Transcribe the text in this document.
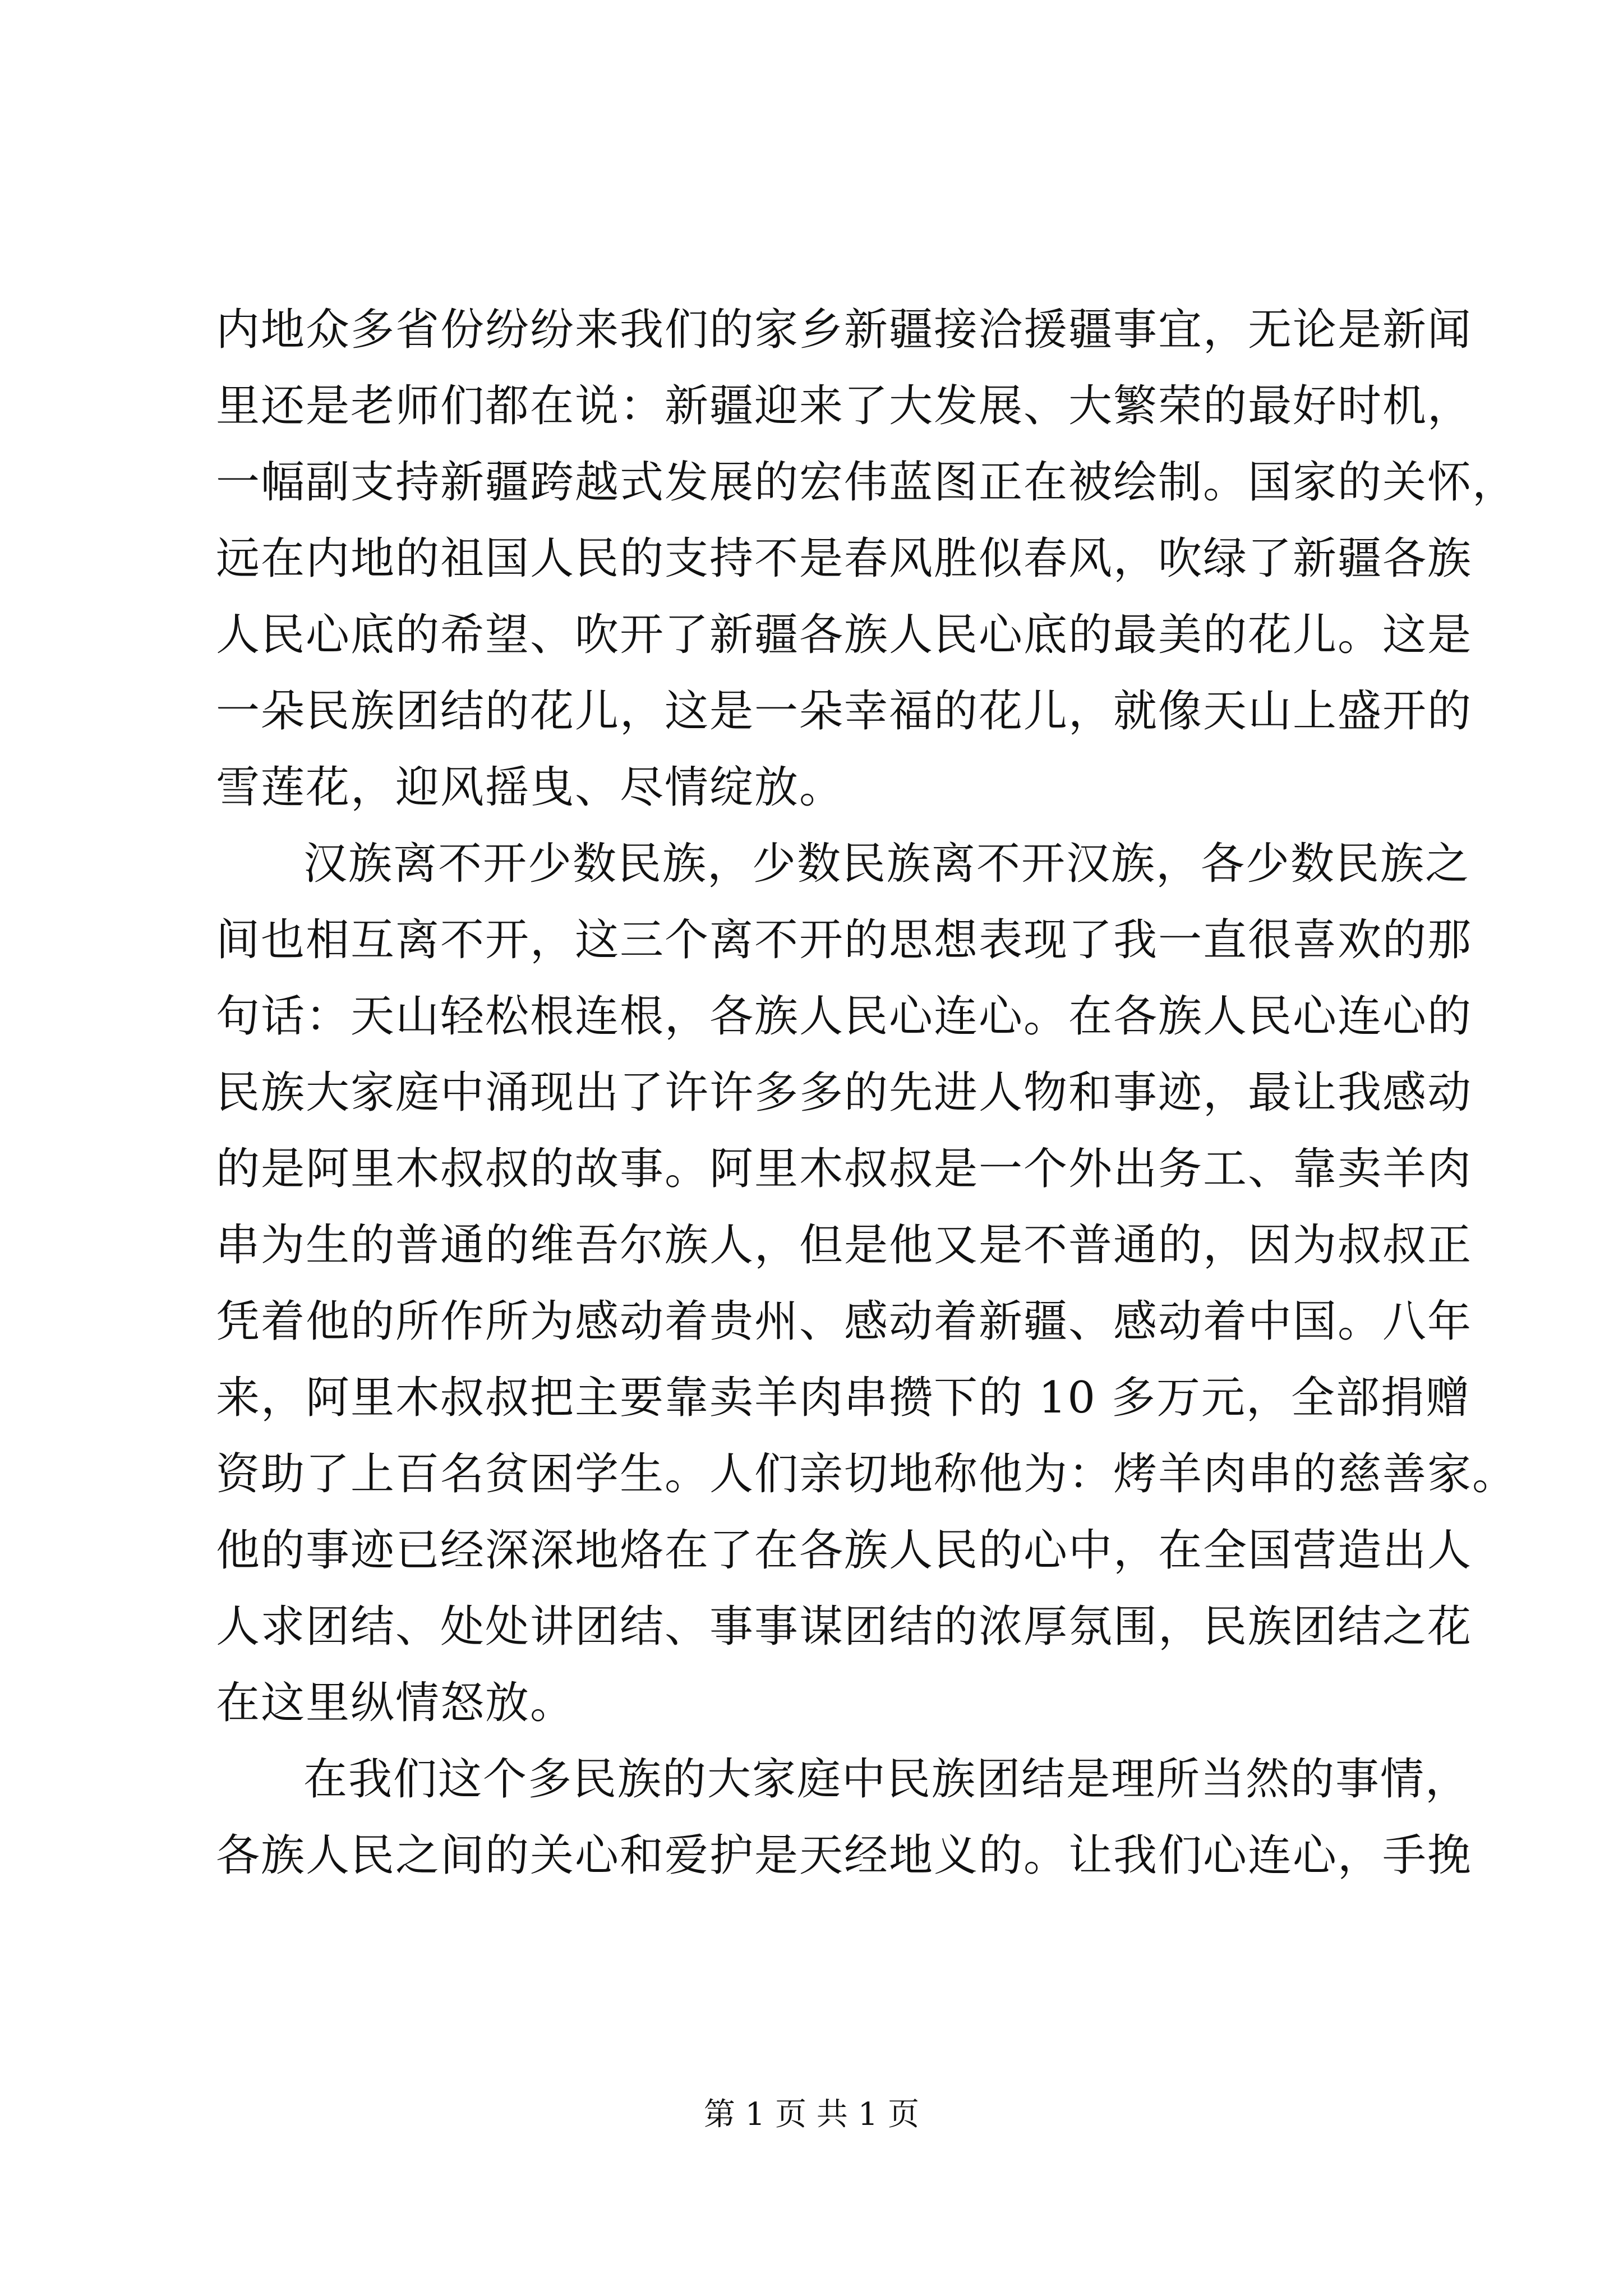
内地众多省份纷纷来我们的家乡新疆接洽援疆事宜，无论是新闻
里还是老师们都在说：新疆迎来了大发展、大繁荣的最好时机，
一幅副支持新疆跨越式发展的宏伟蓝图正在被绘制。国家的关怀，
远在内地的祖国人民的支持不是春风胜似春风，吹绿了新疆各族
人民心底的希望、吹开了新疆各族人民心底的最美的花儿。这是
一朵民族团结的花儿，这是一朵幸福的花儿，就像天山上盛开的
雪莲花，迎风摇曳、尽情绽放。
汉族离不开少数民族，少数民族离不开汉族，各少数民族之
间也相互离不开，这三个离不开的思想表现了我一直很喜欢的那
句话：天山轻松根连根，各族人民心连心。在各族人民心连心的
民族大家庭中涌现出了许许多多的先进人物和事迹，最让我感动
的是阿里木叔叔的故事。阿里木叔叔是一个外出务工、靠卖羊肉
串为生的普通的维吾尔族人，但是他又是不普通的，因为叔叔正
凭着他的所作所为感动着贵州、感动着新疆、感动着中国。八年
来，阿里木叔叔把主要靠卖羊肉串攒下的 10 多万元，全部捐赠
资助了上百名贫困学生。人们亲切地称他为：烤羊肉串的慈善家。
他的事迹已经深深地烙在了在各族人民的心中，在全国营造出人
人求团结、处处讲团结、事事谋团结的浓厚氛围，民族团结之花
在这里纵情怒放。
在我们这个多民族的大家庭中民族团结是理所当然的事情，
各族人民之间的关心和爱护是天经地义的。让我们心连心，手挽
第 1 页 共 1 页
